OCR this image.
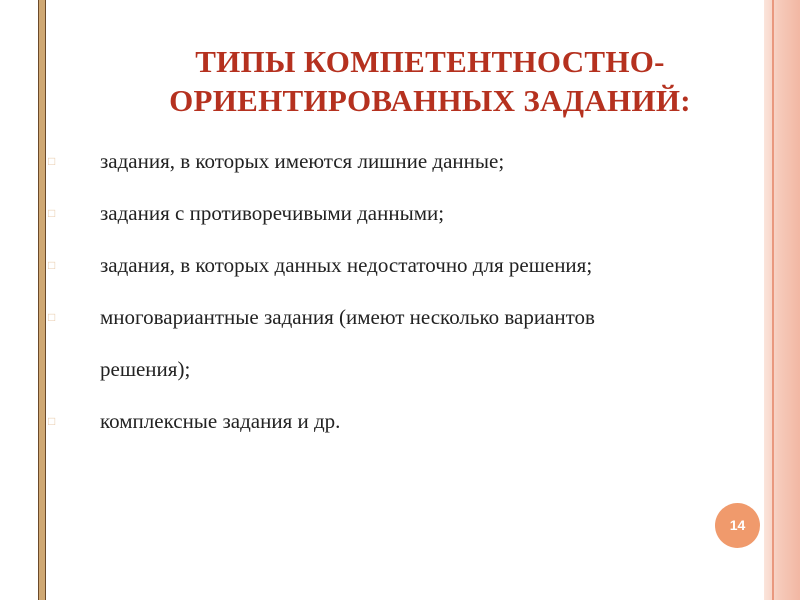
ТИПЫ КОМПЕТЕНТНОСТНО-
ОРИЕНТИРОВАННЫХ ЗАДАНИЙ:
□ задания, в которых имеются лишние данные;
□ задания с противоречивыми данными;
□ задания, в которых данных недостаточно для решения;
□ многовариантные задания (имеют несколько вариантов решения);
□ комплексные задания и др.
14
